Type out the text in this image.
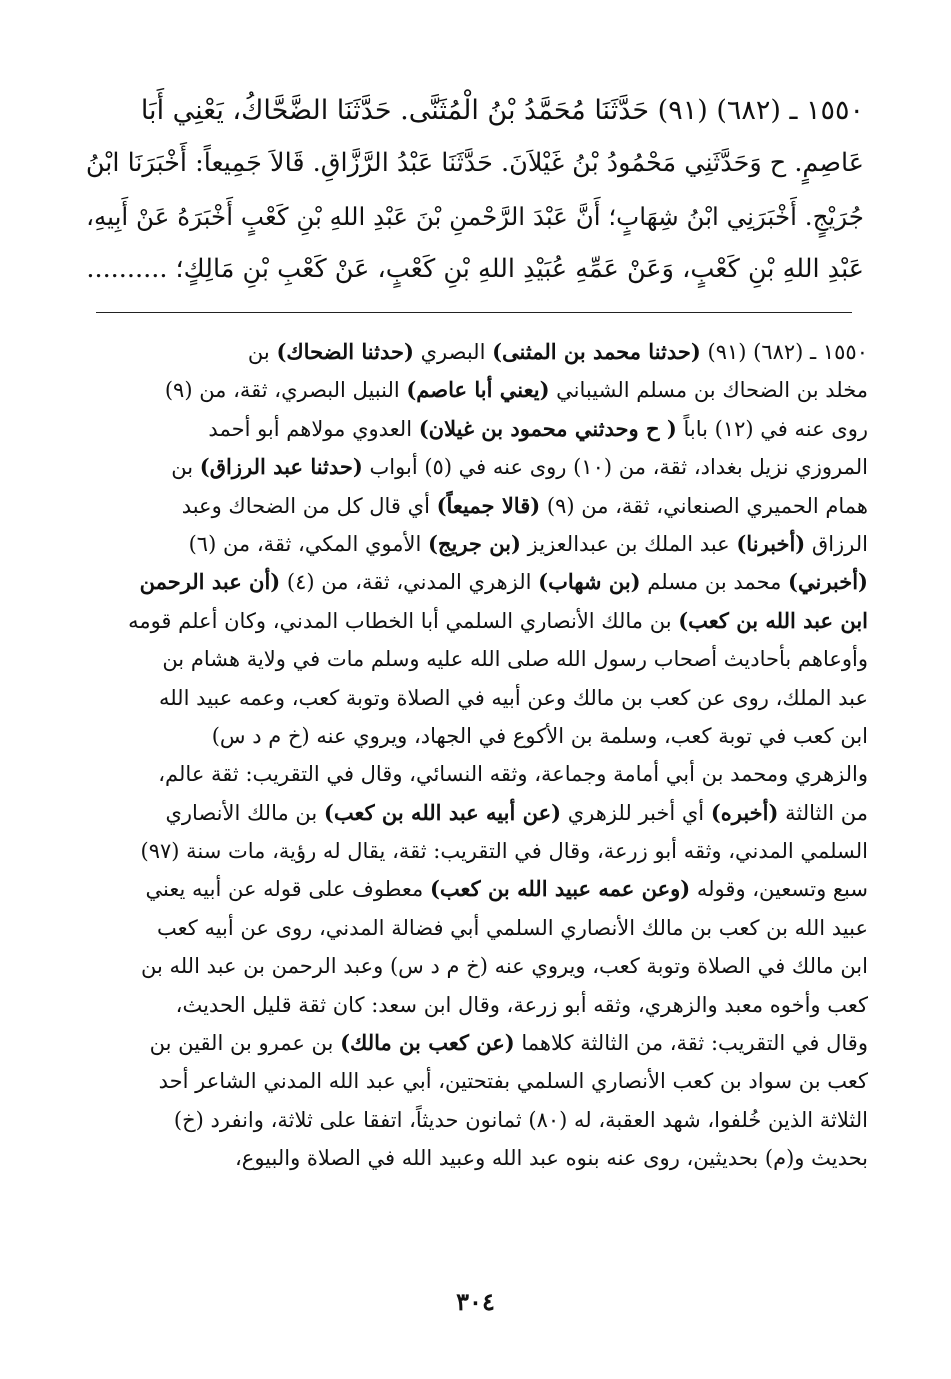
١٥٥٠ ـ (٦٨٢) (٩١) حَدَّثَنَا مُحَمَّدُ بْنُ الْمُثَنَّى. حَدَّثَنَا الضَّحَّاكُ، يَعْنِي أَبَا
عَاصِمٍ. ح وَحَدَّثَنِي مَحْمُودُ بْنُ غَيْلاَنَ. حَدَّثَنَا عَبْدُ الرَّزَّاقِ. قَالاَ جَمِيعاً: أَخْبَرَنَا ابْنُ
جُرَيْجٍ. أَخْبَرَنِي ابْنُ شِهَابٍ؛ أَنَّ عَبْدَ الرَّحْمنِ بْنَ عَبْدِ اللهِ بْنِ كَعْبٍ أَخْبَرَهُ عَنْ أَبِيهِ،
عَبْدِ اللهِ بْنِ كَعْبٍ، وَعَنْ عَمِّهِ عُبَيْدِ اللهِ بْنِ كَعْبٍ، عَنْ كَعْبِ بْنِ مَالِكٍ؛ ..........
١٥٥٠ ـ (٦٨٢) (٩١) (حدثنا محمد بن المثنى) البصري (حدثنا الضحاك) بن
مخلد بن الضحاك بن مسلم الشيباني (يعني أبا عاصم) النبيل البصري، ثقة، من (٩)
روى عنه في (١٢) باباً ( ح وحدثني محمود بن غيلان) العدوي مولاهم أبو أحمد
المروزي نزيل بغداد، ثقة، من (١٠) روى عنه في (٥) أبواب (حدثنا عبد الرزاق) بن
همام الحميري الصنعاني، ثقة، من (٩) (قالا جميعاً) أي قال كل من الضحاك وعبد
الرزاق (أخبرنا) عبد الملك بن عبدالعزيز (بن جريج) الأموي المكي، ثقة، من (٦)
(أخبرني) محمد بن مسلم (بن شهاب) الزهري المدني، ثقة، من (٤) (أن عبد الرحمن
ابن عبد الله بن كعب) بن مالك الأنصاري السلمي أبا الخطاب المدني، وكان أعلم قومه
وأوعاهم بأحاديث أصحاب رسول الله صلى الله عليه وسلم مات في ولاية هشام بن
عبد الملك، روى عن كعب بن مالك وعن أبيه في الصلاة وتوبة كعب، وعمه عبيد الله
ابن كعب في توبة كعب، وسلمة بن الأكوع في الجهاد، ويروي عنه (خ م د س)
والزهري ومحمد بن أبي أمامة وجماعة، وثقه النسائي، وقال في التقريب: ثقة عالم،
من الثالثة (أخبره) أي أخبر للزهري (عن أبيه عبد الله بن كعب) بن مالك الأنصاري
السلمي المدني، وثقه أبو زرعة، وقال في التقريب: ثقة، يقال له رؤية، مات سنة (٩٧)
سبع وتسعين، وقوله (وعن عمه عبيد الله بن كعب) معطوف على قوله عن أبيه يعني
عبيد الله بن كعب بن مالك الأنصاري السلمي أبي فضالة المدني، روى عن أبيه كعب
ابن مالك في الصلاة وتوبة كعب، ويروي عنه (خ م د س) وعبد الرحمن بن عبد الله بن
كعب وأخوه معبد والزهري، وثقه أبو زرعة، وقال ابن سعد: كان ثقة قليل الحديث،
وقال في التقريب: ثقة، من الثالثة كلاهما (عن كعب بن مالك) بن عمرو بن القين بن
كعب بن سواد بن كعب الأنصاري السلمي بفتحتين، أبي عبد الله المدني الشاعر أحد
الثلاثة الذين خُلفوا، شهد العقبة، له (٨٠) ثمانون حديثاً، اتفقا على ثلاثة، وانفرد (خ)
بحديث و(م) بحديثين، روى عنه بنوه عبد الله وعبيد الله في الصلاة والبيوع،
٣٠٤
